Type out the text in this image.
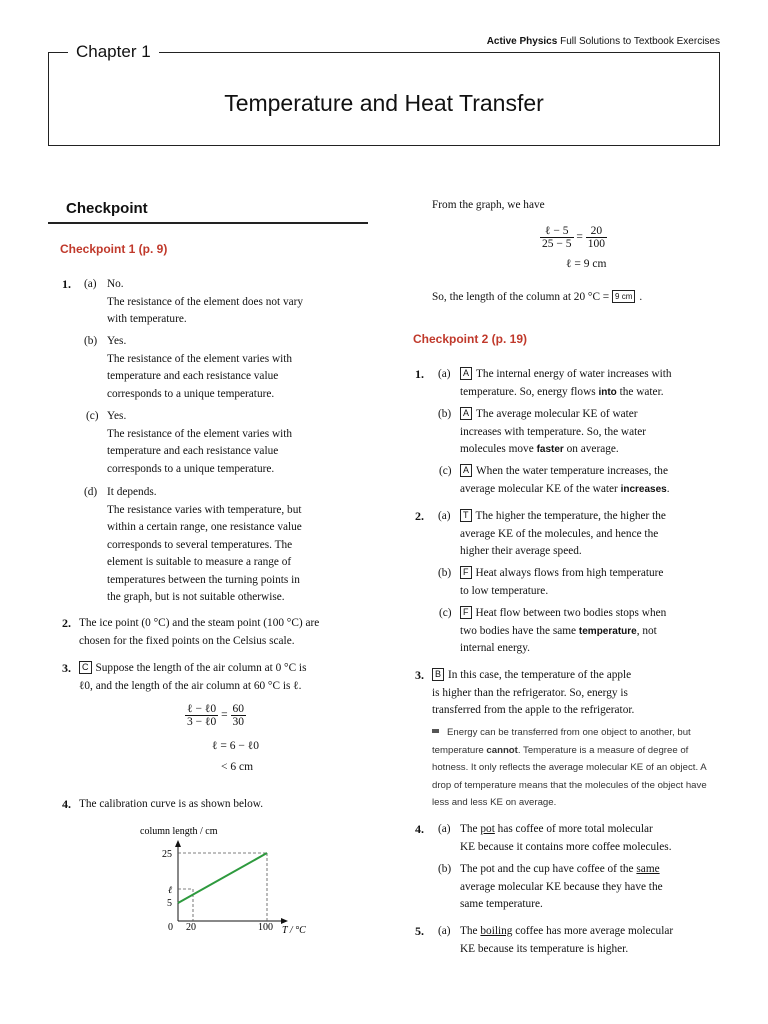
Active Physics Full Solutions to Textbook Exercises
Chapter 1
Temperature and Heat Transfer
Checkpoint
Checkpoint 1 (p. 9)
1. (a) No.
The resistance of the element does not vary
with temperature.
(b) Yes.
The resistance of the element varies with
temperature and each resistance value
corresponds to a unique temperature.
(c) Yes.
The resistance of the element varies with
temperature and each resistance value
corresponds to a unique temperature.
(d) It depends.
The resistance varies with temperature, but
within a certain range, one resistance value
corresponds to several temperatures. The
element is suitable to measure a range of
temperatures between the turning points in
the graph, but is not suitable otherwise.
2. The ice point (0 °C) and the steam point (100 °C) are
chosen for the fixed points on the Celsius scale.
3.	C Suppose the length of the air column at 0 °C is
ℓ0, and the length of the air column at 60 °C is ℓ.
$\frac{\text{ℓ − ℓ0}}{\text{3 − ℓ0}} = \frac{60}{30}$
ℓ = 6 − ℓ0
< 6 cm
4. The calibration curve is as shown below.
column length / cm
25
ℓ
5
0 20	100 T / °C
From the graph, we have
$\frac{\text{ℓ − 5}}{25 - 5} = \frac{20}{100}$
ℓ = 9 cm
So, the length of the column at 20 °C = 9 cm .
Checkpoint 2 (p. 19)
1. (a)	A The internal energy of water increases with
temperature. So, energy flows into the water.
(b)	A The average molecular KE of water
increases with temperature. So, the water
molecules move faster on average.
(c)	A When the water temperature increases, the
average molecular KE of the water increases.
2. (a)	T The higher the temperature, the higher the
average KE of the molecules, and hence the
higher their average speed.
(b)	F Heat always flows from high temperature
to low temperature.
(c)	F Heat flow between two bodies stops when
two bodies have the same temperature, not
internal energy.
3.	B In this case, the temperature of the apple
is higher than the refrigerator. So, energy is
transferred from the apple to the refrigerator.
Energy can be transferred from one object to another, but
temperature cannot. Temperature is a measure of degree of
hotness. It only reflects the average molecular KE of an object. A
drop of temperature means that the molecules of the object have
less and less KE on average.
4. (a) The pot has coffee of more total molecular
KE because it contains more coffee molecules.
(b) The pot and the cup have coffee of the same
average molecular KE because they have the
same temperature.
5. (a) The boiling coffee has more average molecular
KE because its temperature is higher.
